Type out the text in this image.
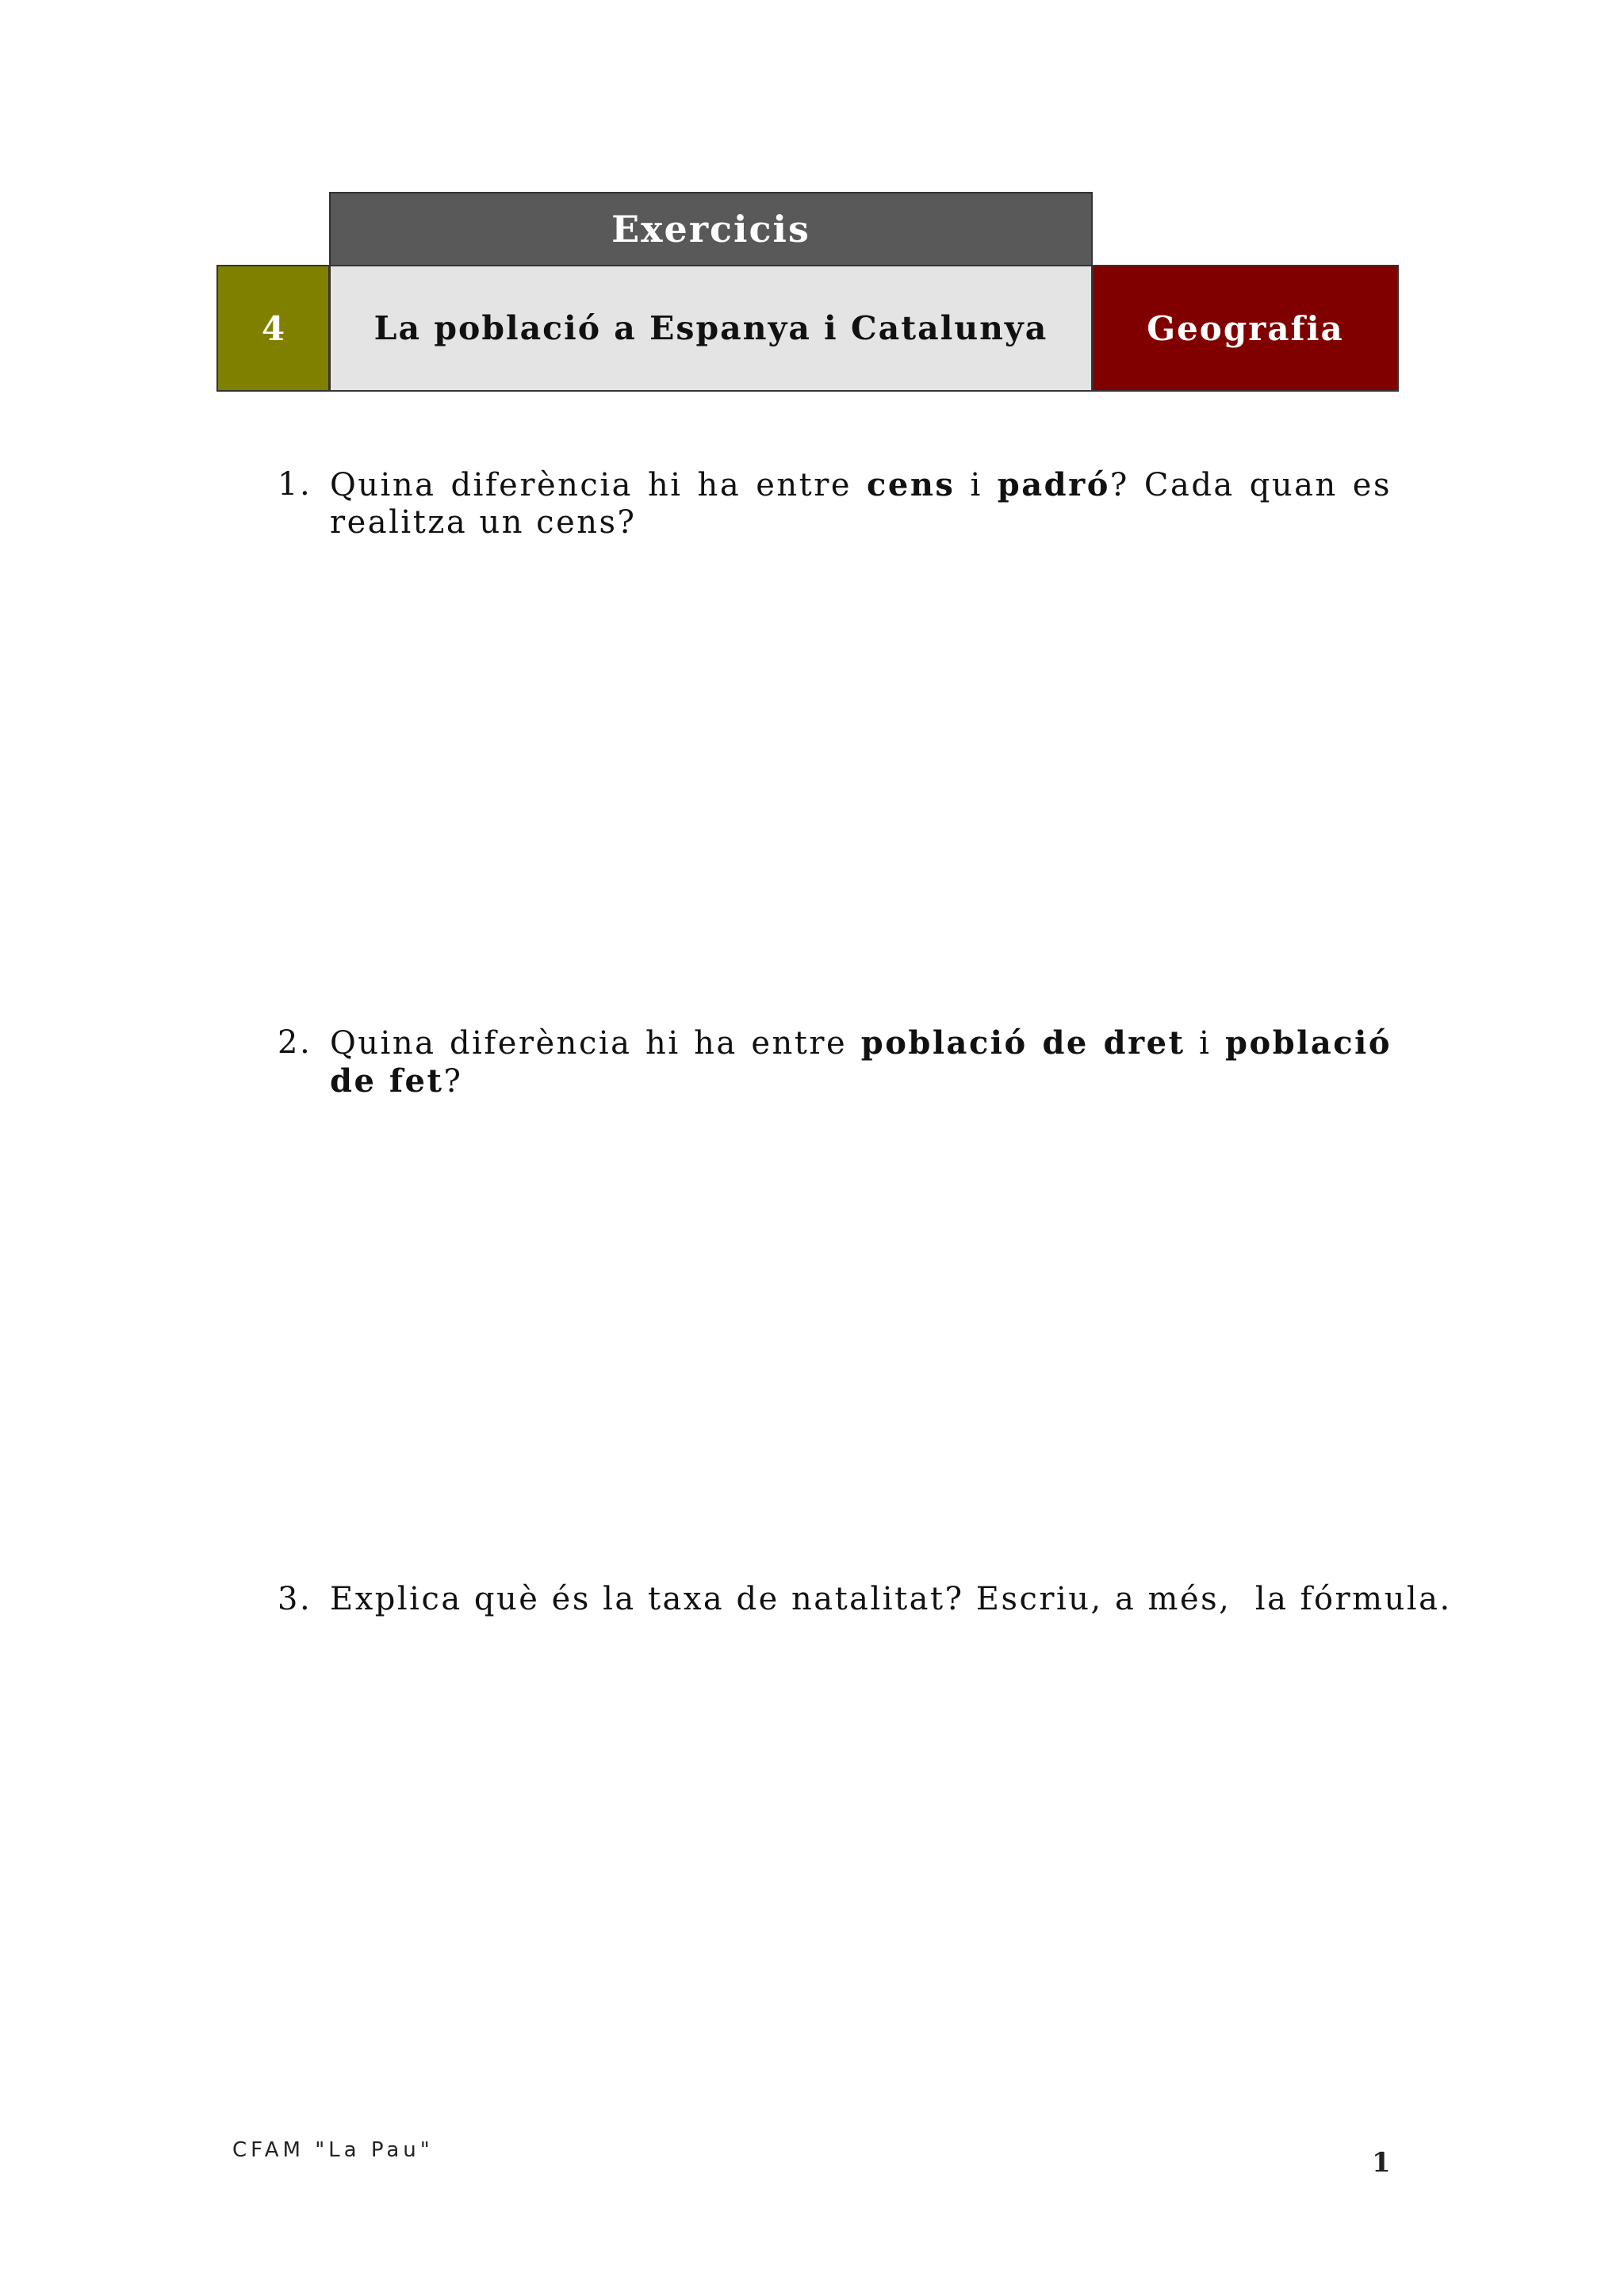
Exercicis
4	La població a Espanya i Catalunya	Geografia
1. Quina diferència hi ha entre cens i padró? Cada quan es realitza un cens?
2. Quina diferència hi ha entre població de dret i població de fet?
3. Explica què és la taxa de natalitat? Escriu, a més,  la fórmula.
CFAM "La Pau"	1
